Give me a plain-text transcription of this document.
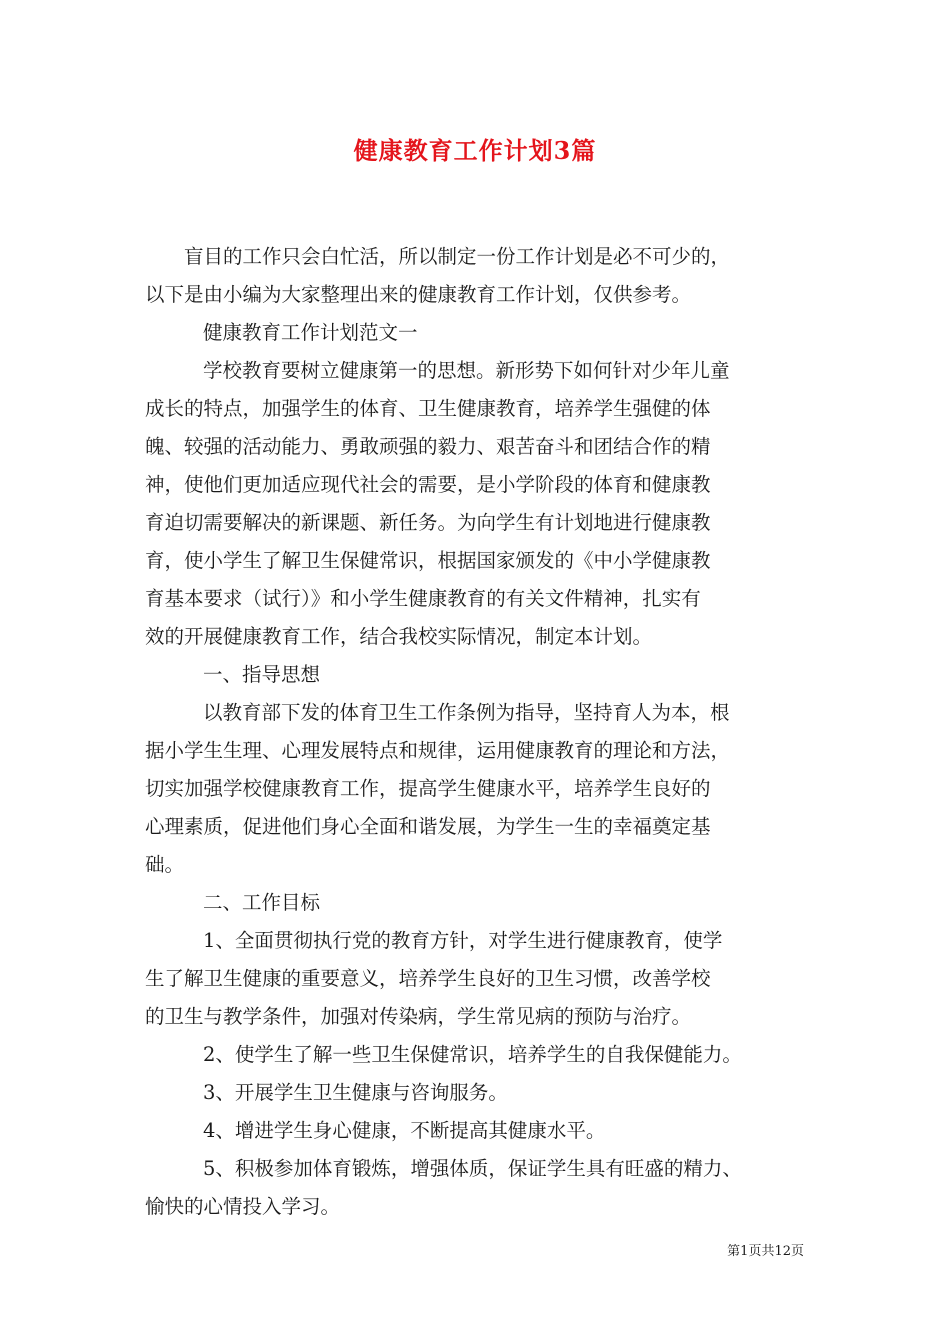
健康教育工作计划3篇
盲目的工作只会白忙活，所以制定一份工作计划是必不可少的，
以下是由小编为大家整理出来的健康教育工作计划，仅供参考。
健康教育工作计划范文一
学校教育要树立健康第一的思想。新形势下如何针对少年儿童
成长的特点，加强学生的体育、卫生健康教育，培养学生强健的体
魄、较强的活动能力、勇敢顽强的毅力、艰苦奋斗和团结合作的精
神，使他们更加适应现代社会的需要，是小学阶段的体育和健康教
育迫切需要解决的新课题、新任务。为向学生有计划地进行健康教
育，使小学生了解卫生保健常识，根据国家颁发的《中小学健康教
育基本要求（试行）》和小学生健康教育的有关文件精神，扎实有
效的开展健康教育工作，结合我校实际情况，制定本计划。
一、指导思想
以教育部下发的体育卫生工作条例为指导，坚持育人为本，根
据小学生生理、心理发展特点和规律，运用健康教育的理论和方法，
切实加强学校健康教育工作，提高学生健康水平，培养学生良好的
心理素质，促进他们身心全面和谐发展，为学生一生的幸福奠定基
础。
二、工作目标
1、全面贯彻执行党的教育方针，对学生进行健康教育，使学
生了解卫生健康的重要意义，培养学生良好的卫生习惯，改善学校
的卫生与教学条件，加强对传染病，学生常见病的预防与治疗。
2、使学生了解一些卫生保健常识，培养学生的自我保健能力。
3、开展学生卫生健康与咨询服务。
4、增进学生身心健康，不断提高其健康水平。
5、积极参加体育锻炼，增强体质，保证学生具有旺盛的精力、
愉快的心情投入学习。
第1页共12页
